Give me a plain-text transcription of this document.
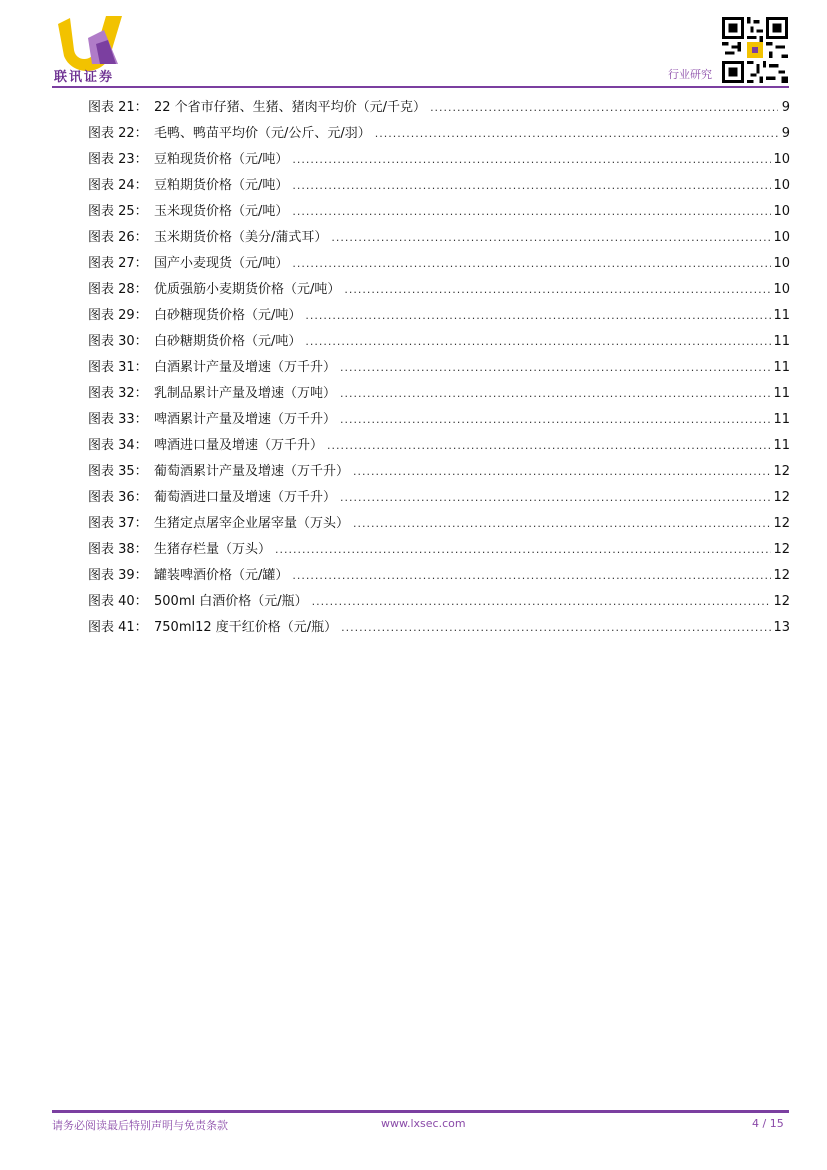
联讯证券	行业研究
图表 21： 22 个省市仔猪、生猪、猪肉平均价（元/千克） .....	9
图表 22： 毛鸭、鸭苗平均价（元/公斤、元/羽） .....	9
图表 23： 豆粕现货价格（元/吨） .....	10
图表 24： 豆粕期货价格（元/吨） .....	10
图表 25： 玉米现货价格（元/吨） .....	10
图表 26： 玉米期货价格（美分/蒲式耳） .....	10
图表 27： 国产小麦现货（元/吨） .....	10
图表 28： 优质强筋小麦期货价格（元/吨） .....	10
图表 29： 白砂糖现货价格（元/吨） .....	11
图表 30： 白砂糖期货价格（元/吨） .....	11
图表 31： 白酒累计产量及增速（万千升） .....	11
图表 32： 乳制品累计产量及增速（万吨） .....	11
图表 33： 啤酒累计产量及增速（万千升） .....	11
图表 34： 啤酒进口量及增速（万千升） .....	11
图表 35： 葡萄酒累计产量及增速（万千升） .....	12
图表 36： 葡萄酒进口量及增速（万千升） .....	12
图表 37： 生猪定点屠宰企业屠宰量（万头） .....	12
图表 38： 生猪存栏量（万头） .....	12
图表 39： 罐装啤酒价格（元/罐） .....	12
图表 40： 500ml 白酒价格（元/瓶） .....	12
图表 41： 750ml12 度干红价格（元/瓶） .....	13
请务必阅读最后特别声明与免责条款	www.lxsec.com	4 / 15
